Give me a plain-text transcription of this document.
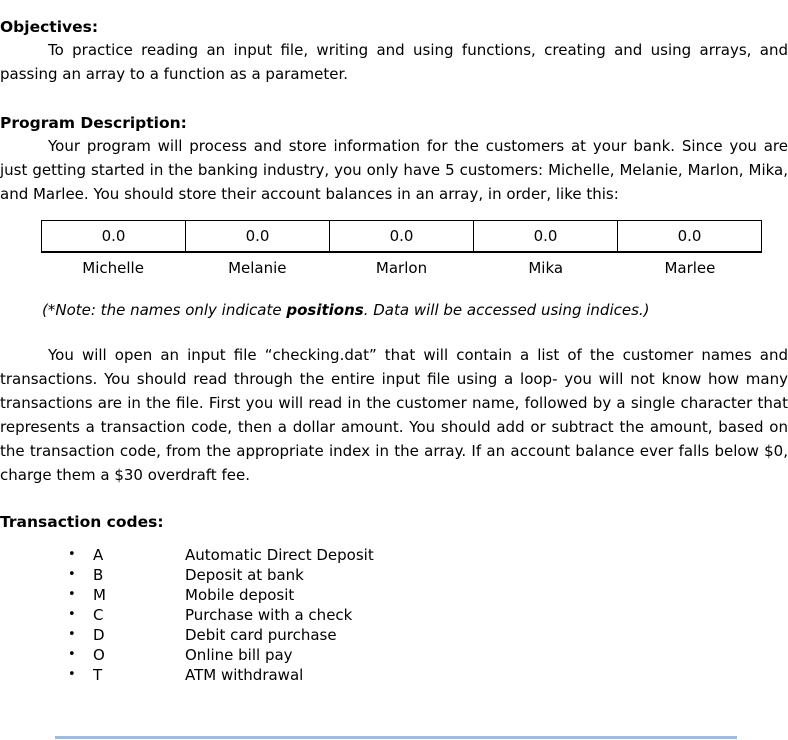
Objectives:

To practice reading an input file, writing and using functions, creating and using arrays, and passing an array to a function as a parameter.

Program Description:

Your program will process and store information for the customers at your bank. Since you are just getting started in the banking industry, you only have 5 customers: Michelle, Melanie, Marlon, Mika, and Marlee. You should store their account balances in an array, in order, like this:

0.0	0.0	0.0	0.0	0.0
Michelle	Melanie	Marlon	Mika	Marlee
(*Note: the names only indicate positions. Data will be accessed using indices.)

You will open an input file “checking.dat” that will contain a list of the customer names and transactions. You should read through the entire input file using a loop- you will not know how many transactions are in the file. First you will read in the customer name, followed by a single character that represents a transaction code, then a dollar amount. You should add or subtract the amount, based on the transaction code, from the appropriate index in the array. If an account balance ever falls below $0, charge them a $30 overdraft fee.

Transaction codes:
•	A	Automatic Direct Deposit
•	B	Deposit at bank
•	M	Mobile deposit
•	C	Purchase with a check
•	D	Debit card purchase
•	O	Online bill pay
•	T	ATM withdrawal
